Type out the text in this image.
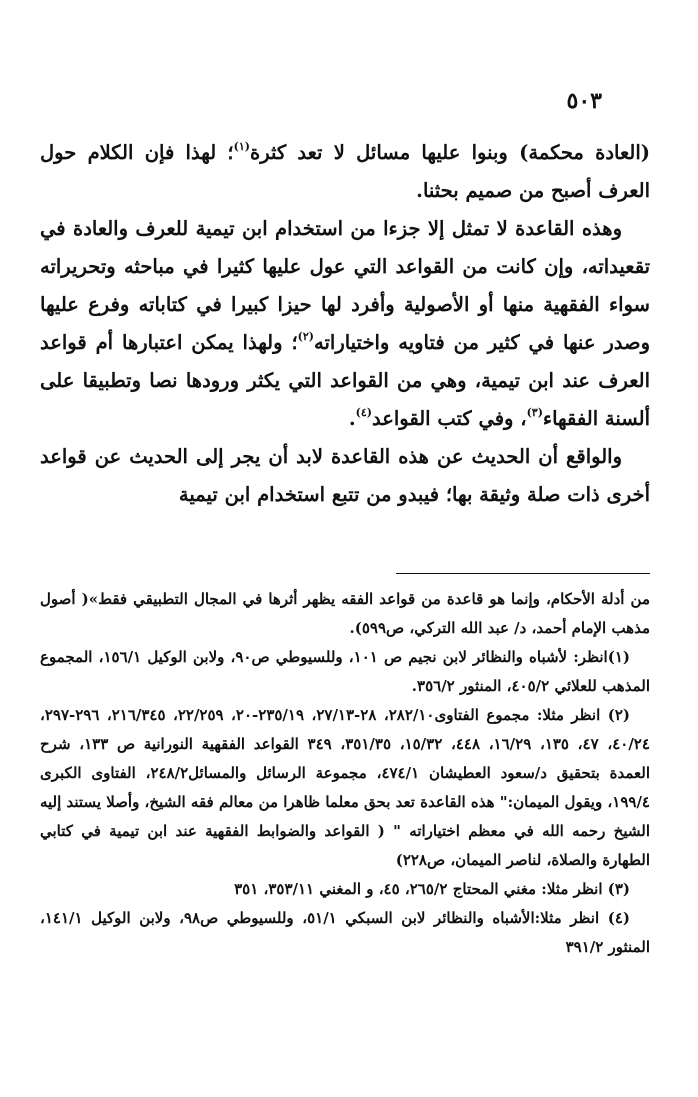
٥٠٣

(العادة محكمة) وبنوا عليها مسائل لا تعد كثرة$^{(١)}$؛ لهذا فإن الكلام حول العرف أصبح من صميم بحثنا.

وهذه القاعدة لا تمثل إلا جزءا من استخدام ابن تيمية للعرف والعادة في تقعيداته، وإن كانت من القواعد التي عول عليها كثيرا في مباحثه وتحريراته سواء الفقهية منها أو الأصولية وأفرد لها حيزا كبيرا في كتاباته وفرع عليها وصدر عنها في كثير من فتاويه واختياراته$^{(٢)}$؛ ولهذا يمكن اعتبارها أم قواعد العرف عند ابن تيمية، وهي من القواعد التي يكثر ورودها نصا وتطبيقا على ألسنة الفقهاء$^{(٣)}$، وفي كتب القواعد$^{(٤)}$.

والواقع أن الحديث عن هذه القاعدة لابد أن يجر إلى الحديث عن قواعد أخرى ذات صلة وثيقة بها؛ فيبدو من تتبع استخدام ابن تيمية

من أدلة الأحكام، وإنما هو قاعدة من قواعد الفقه يظهر أثرها في المجال التطبيقي فقط»( أصول مذهب الإمام أحمد، د/ عبد الله التركي، ص٥٩٩).

(١)انظر: لأشباه والنظائر لابن نجيم ص ١٠١، وللسيوطي ص٩٠، ولابن الوكيل ١٥٦/١، المجموع المذهب للعلائي ٤٠٥/٢، المنثور ٣٥٦/٢.

(٢) انظر مثلا: مجموع الفتاوى٢٨٢/١٠، ٢٨-٢٧/١٣، ٢٣٥/١٩-٢٠، ٢٢/٢٥٩، ٢١٦/٣٤٥، ٢٩٦-٢٩٧، ٤٠/٢٤، ٤٧، ١٣٥، ١٦/٢٩، ٤٤٨، ١٥/٣٢، ٣٥١/٣٥، ٣٤٩ القواعد الفقهية النورانية ص ١٣٣، شرح العمدة بتحقيق د/سعود العطيشان ٤٧٤/١، مجموعة الرسائل والمسائل٢٤٨/٢، الفتاوى الكبرى ١٩٩/٤، ويقول الميمان:" هذه القاعدة تعد بحق معلما ظاهرا من معالم فقه الشيخ، وأصلا يستند إليه الشيخ رحمه الله في معظم اختياراته " ( القواعد والضوابط الفقهية عند ابن تيمية في كتابي الطهارة والصلاة، لناصر الميمان، ص٢٢٨)

(٣) انظر مثلا: مغني المحتاج ٢٦٥/٢، ٤٥، و المغني ٣٥٣/١١، ٣٥١

(٤) انظر مثلا:الأشباه والنظائر لابن السبكي ٥١/١، وللسيوطي ص٩٨، ولابن الوكيل ١٤١/١، المنثور ٣٩١/٢
